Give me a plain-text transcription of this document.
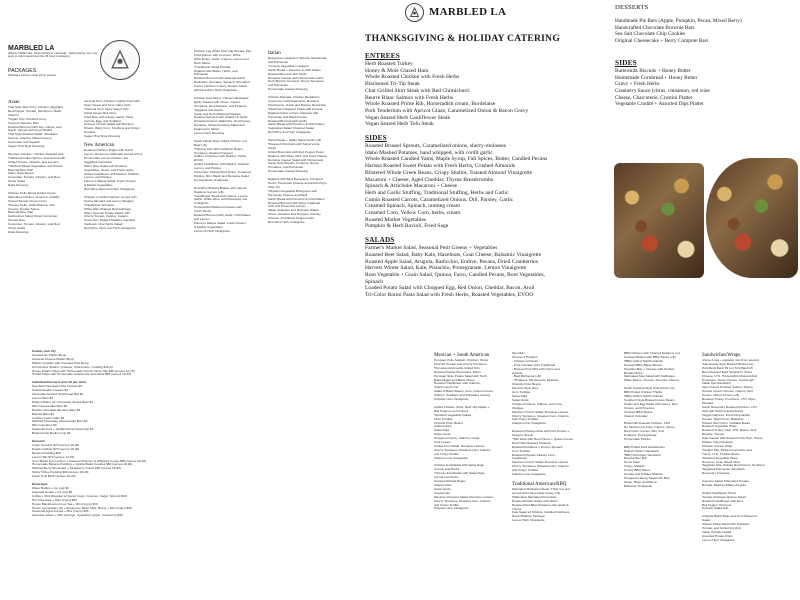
MARBLED LA
MARBLED LA
[Minimum $300 order. Send inquiries to: catering@ · Delivery/setup, fees may apply to orders placed less than 48 hours in advance]
PACKAGES
[Packages minimum order 15 per person]
Asian
Thai Style Red Curry Chicken, Eggplant,
Red Pepper, Tomato, Mushroom, Basil,
Cilantro
*Vegan Tofu Thai Red Curry
Coconut Jasmine Rice
Roasted Broccoli with Soy, Ginger, and
Garlic, topped with Fried Shallot
Thai Style Rotated Salad: Shredded
Carrots, Cilantro, Mixed Greens,
Cucumber and Squash
Vegan Thai Style Dressing

Tandoori Chicken: Chicken Roasted with
Traditional Indian Spices, and served with
Grilled Onions, Cilantro, and Lemons
*Tandoori Mixed Vegetables and Paneer
Basmati Rice Pilaf
Warm Naan Bread
Cucumber, Tomato, Cilantro, and Red
Onion Salad
Raita Dressing

Chicken Pollo Mixed Grilled Yogurt
Marinated Chicken, served in a Mildly
Spiced Tomato Cream Curry
*Paneer Pollo: Grilled Paneer with
Creamy Tomato Sauce
Basmati Rice Pilaf
Kachumbar Salad: Diced Cucumber,
Tomato Rice
Cucumber, Tomato, Cilantro, and Red
Onion Salad
Raita Dressing
General Tso's Chicken: Lightly Fried with
Spicy Sweet and Sour Glaze (GF)
*General Tso's Spicy Sweet Tofu
Garlic Ginger Bok Choy
Fried Rice with Ginger, Garlic, Peas,
Carrots, Egg, and Scallions
Chinese Crunch Salad with Bamboo
Shoots, Baby Corn, Scallions and Crispy
Noodles
Vegan Thai Style Dressing
New American
Roasted Chicken Thighs with Garlic,
Lemon, Rosemary Marinade served with a
Homemade Lemon Chicken Jus
*Eggplant Caponata
Warm Rice Salad with Roasted
Vegetables, Herbs, and Fresh herbs
Grilled Cauliflower with Raisins, Dukkah,
Lemon, and Parsley
Farmer's Market Salad: Fresh Greens
& Market Vegetables
Red Wine Dijon and Herb Vinaigrette

Chicken or Grilled Salmon served with
Grainy Mustard and Lemon Wedges
*Cauliflower Schnitzel
White Wine Braised Red Cabbage
Warm German Potato Salad, with
Cherry Tomato, Parsley, Capers,
Cucumber, Pickled Shallots, Candied
Cashews, Fine Herbs Salad
Red Wine, Dijon and Herb Vinaigrette
Chicken Leg White Fish (+$) Piccata: Pan
Fried Wiener with a Lemon, White
Wine Butter, Garlic, Capers, Lemon and
Herb Sauce
*Cauliflower Steak Piccata
Rigatoni with Butter, Herbs, and
Parmesan
Roasted Broccoli with Roasted Garlic,
Radicchio, Romaine, Spinach, Shredded
Carrot, Heirloom Cherry Tomato Salad,
with Red Wine Herb Vinaigrette

Chicken Cacciatore: Chicken Marinated
lightly braised with Onion, Capers,
Tomatoes, Red Peppers, and Peppers
*Eggplant Cacciatore
Garlic and Herb Mashed Potatoes
Roasted Spinach with Shallots & Garlic
Shredded Carrot, Radicchio, Red Pepper,
Romaine, Shaved Iceberg Salad and
Peppercorn Salad
Lemon Herb Dressing

Steak Kebab Style Grilled Chicken (or)
Beef (+$)
*Harissa Tofu with Garbanzo Beans,
Tomatoes, Roasted Peppers
Saffron Couscous with Raisins, Herbs,
EVOO
Grilled Cauliflower with Raisins, Dukkah,
Lemon, and Parsley
Cucumber, Shaved Red Onion, Tomatoes,
Parsley, Mint, Basil, and Romaine Salad
Pomegranate Vinaigrette

Red Wine Braised Brisket with Glazed
Rainbow Carrots (+$)
*Cauliflower Steak with Capers, Lemon,
Garlic, White Wine, and Rosemary Jus
Vinaigrette
Horseradish Mashed Potatoes with
Fresh Herbs
Roasted Broccoli with Garlic, Chili Flakes,
and Lemon
Farmer's Market Salad: Fresh Greens
& Market Vegetables
Lemon & Herb Vinaigrette
Italian
Bolognese Lasagna or Ricotta, Mozzarella
and Parmesan
*Creamy Vegetarian Lasagna
Garlic Bread + Pecorino & Chili Flakes
Roasted Broccoli with Garlic
Romaine Caesar with Homemade Garlic
Herb Brioche Croutons, Roma Tomatoes,
and Parmesan
Homemade Caesar Dressing

Chicken Marsala: Chicken Medallions
Covered in a Marsala Wine, Roasted
Mushrooms, Garlic and Parsley Reduction
*Mushroom Rigatoni Pasta with Fontina,
Rigatoni Cacio e Pepe: Rigatoni with
Parmesan and Black Pepper
Roasted Broccoli with Garlic
Garlic Bread with Pecorino & Chili Flakes
Vegetarian Italian Chopped Salad
Red Wine and Herb Vinaigrette

Sliced Steak + Italian Salsa Verde (+$)
*Roasted Portobello with Salsa Verde
Steak
Grilled Broccolini with Red Pepper Pesto
Rigatoni with Peas, Mint, and Goat Cheese
Romaine Caesar Salad with Homemade
Garlic Herb Brioche Croutons, Roma
Tomatoes, and Parmesan
Homemade Caesar Dressing

Rigatoni with Beef Bolognese, Chopped
Herbs, Parmesan Cheese and Extra Virgin
Olive Oil
*Rigatoni Vegetable Bolognese with
Parmesan Cheese and Basil
Garlic Bread with Pecorino & Chili Flakes
Roasted Broccoli with Spicy Calabrian
Chili and Preserved Lemon
Italian Antipasto and Romaine Salad:
Olives, Roasted Red Peppers, Parsley
Cheese, and Whole Pepperoncini
Red Wine Herb Vinaigrette
Snacks (min 20)
Guacamole Platter $9 pp
Artisanal Cheese Platter $9 pp
Market Crudités with Assorted Dips $9 pp
All Inclusive Station: (Cheese, Charcuterie, Crudité) $16 pp
House Potato Chips with Homemade French Onion Dip $48 (serves 12-15)
Tortilla Chips with Homemade Guacamole and Salsa $45 (serves 12-15)
Individual Desserts (min 20 per item)
Sea Salt Chocolate Chip Cookies $3
Snickerdoodle Cookies $3
Chocolate Almond Shortbread Bar $3
Lemon Bars $3
Peanut Butter (or) Chocolate Smore Bars $3
Mini Cheesecake Bars $3
Double Chocolate Brownie Bars $3
Blondie Bars $3
Cookie Cream Cake $3
Marbled Chocolate Cheesecake Bars $3
Mini Cupcakes $3
Seasonal Fruit + Vanilla Panna Cotta Cup $4
Butterscotch Budino Cup $4
Desserts
Apple Crumble $70 (serves 18-20)
Peach Cobbler $70 (serves 18-20)
Banana Pudding $70
Lemon Tart $72 (serves 12-15)
Corn Bread Tres Leches + Caramel Popcorn & Whipped Cream $80 (serves 18-20)
Homemade Banana Pudding + Vanilla Wafer Cookies $80 (serves 18-20)
Marbled Berry Shortcake + Strawberry Coulis $80 (serves 18-20)
Sticky Toffee Pudding $80 (serves 18-20)
Fresh Fruit $140 (serves 18-20)
Beverages
Water Bottles + Ice (ea) $2
Assorted Sodas + Ice (ea) $2
Coffee + Mini (Regular or Decaf, Cups, Creamer, Sugar, Stirrers) $30
Hot Chocolate + Mini (Cups) $30
House Black/Lemon Iced Tea + Mini (Cups) $30
House Lemonade (+$) + Rosemary, Basil, Mint, Berry) + Mini (Cups) $30
Seasonal Agua Fresca + Mini (Cups) $35
Assorted Juices + Mini (Orange, Grapefruit, Apple, Cranberry) $35
THANKSGIVING & HOLIDAY CATERING
ENTREES
Herb Roasted Turkey
Honey & Mole Glazed Ham
Whole Roasted Chicken with Fresh Herbs
Blackened Tri-Tip Steak
Char Grilled Skirt Steak with Red Chimichurri
Beurre Blanc Salmon with Fresh Herbs
Whole Roasted Prime Rib, Horseradish cream, Bordelaise
Pork Tenderloin with Apricot Glaze, Caramelized Onion & Bacon Gravy
Vegan Seared Herb Cauliflower Steak
Vegan Seared Herb Tofu Steak
SIDES
Roasted Brussel Sprouts, Caramelized onions, sherry-molasses
Idaho Mashed Potatoes, hand whipped, with confit garlic
Whole Roasted Candied Yams, Maple Syrup, Fall Spices, Butter, Candied Pecans
Harissa Roasted Sweet Potato with Fresh Herbs, Crushed Almonds
Blistered Whole Green Beans, Crispy Shallot, Toasted Almond Vinaigrette
Macaroni + Cheese, Aged Cheddar, Thyme Breadcrumbs
Spinach & Artichoke Macaroni + Cheese
Herb and Garlic Stuffing, Traditional Stuffing, Herbs and Garlic
Cumin Roasted Carrots, Caramelized Onions, Dill, Parsley, Garlic
Creamed Spinach, Spinach, nutmeg cream
Creamed Corn, Yellow Corn, herbs, cream
Roasted Market Vegetables
Pumpkin & Herb Ravioli, Fried Sage
SALADS
Farmer's Market Salad, Seasonal Petit Greens + Vegetables
Roasted Beet Salad, Baby Kale, Hazelnuts, Goat Cheese, Balsamic Vinaigrette
Roasted Apple Salad, Arugula, Radicchio, Endive, Pecans, Dried Cranberries
Harvest Winter Salad, Kale, Pistachio, Pomegranate, Lemon Vinaigrette
Root Vegetable + Grain Salad, Quinoa, Farro, Candied Pecans, Root Vegetables,
Spinach
Loaded Potato Salad with Chopped Egg, Red Onion, Cheddar, Bacon, Aioli
Tri-Color Rotini Pasta Salad with Fresh Herbs, Roasted Vegetables, EVOO
DESSERTS
Handmade Pie Bars (Apple, Pumpkin, Pecan, Mixed Berry)
Handcrafted Chocolate Brownie Bars
Sea Salt Chocolate Chip Cookies
Original Cheesecake + Berry Compote Bars
SIDES
Buttermilk Biscuits + Honey Butter
Homemade Cornbread + Honey Butter
Gravy + Fresh Herbs
Cranberry Sauce (citrus, cinnamon, red wine
Cheese, Charcuterie, Crostini Platter
Vegetable Crudité + Assorted Dips Platter
Mexican + South American
Peruvian Pollo Saltado: Chicken, Onion,
Charred Tomato and Cherry Tomatoes
*Peruvian Aji Amarillo Grilled Tofu
Roasted Potato Huancaina, Warm
Peruvian Style Potato Salad with Herb
Baked Eggs and Black Olives
Roasted Cauliflower with Cilantro,
Cilantro and Lime
Salad of Black Beans, Corn, Queso Fresco,
Cilantro, Scallions and Shredded Iceberg
Chipotle Lime Vinaigrette

Grilled Chicken (Pork, Beef +$) Fajitas +
Bell Peppers and Onions
*Roasted Vegetable Fajitas
Flour Tortillas
Chipotle Pinto Beans
Cilantro Rice
Salsa Roja
Salsa Verde
Chopped Onions, Cilantro, Cotija
Sour Cream
Grilled Corn Salad: Romaine Lettuce,
Cherry Tomatoes, Roasted Corn, Cilantro
and Crispy Tortilla
Cilantro Lime Vinaigrette

Chicken Enchiladas with Salsa Roja,
Crema, and Herbs
*Cheese Enchiladas with Salsa Roja,
Crema and Herbs
Smoked Refried Beans
Cilantro Rice
Salsa Verde
Guacamole
Mexican Chopped Salad: Romaine Lettuce,
Cherry Tomatoes, Roasted Corn, Cilantro
and Crispy Tortilla
Chipotle Lime Vinaigrette
Taco Bar:
Choose 2 Proteins:
- Chicken Al Pastor
- Pork Carnitas (GF) Traditional
- Braised Pork Pibil with Citrus and
Achiote
- Beef Barbacoa (+$)
- *Potatoes, Mushrooms, Epazote
Chipotle Pinto Beans
Mexican Style Rice
Corn Tortillas
Salsa Roja
Salsa Verde
Chopped Onions, Cilantro, and Lime
Wedges
Mexican Crunch Salad: Romaine Lettuce,
Cherry Tomatoes, Roasted Corn, Cilantro
and Crispy Tortillas
Cilantro Lime Vinaigrette

Roasted Chicken Mole with Red Onions +
Sesame Seeds
*Tofu Mole with Red Onions + Queso Fresco
Red Chile Roasted Potatoes
Roasted Poblanos + Onions Spinach
Corn Tortillas
Roasted Chipotle Cilantro Lime
Cauliflower
Mexican Crunch Salad: Romaine Lettuce,
Cherry Tomatoes, Roasted Corn, Cilantro
and Crispy Tortillas
Cilantro Lime Vinaigrette
Traditional American/BBQ
Marinated Marinated Steak: Thick Cut and
served with Homemade Gravy (+$)
*Marinated Marinated Portobello
Roasted Potato Salad with Herbs
Roasted Red Bliss Potatoes with Garlic &
Thyme
Kale Salad w/ Tahinsa, Candied Cashews,
Dried Shallots, Tarragon
Lemon Herb Vinaigrette
BBQ Chicken with Charred Scallions (or)
Smoked Brisket with BBQ Sauce (+$)
*BBQ Grilled Tofu/Portobello
Smoked BBQ Baked Beans
Cheddar Mac + Cheese with Herbed
Breadcrumbs
Marinated Kale Salad with Cabbages,
White Beans, Cheese, Pecorino Cheese

South Carolina Style Pulled Pork (or)
BBQ Pulled Chicken Thighs
*BBQ Grilled Tofu/Portobello
Southern Style Braised Green Beans
Potato and Egg Salad with Celery, Red
Onions, and Pimentos
Smoked BBQ Beans
Classic Coleslaw

Buttermilk Roasted Chicken: 12/0
No Mushrooms Fries, Capers, Olives,
Red Onion, Lemon (GF) Vnd
Potatoes, Pomegranate
Homemade Pickles

BBQ Pulled Pork Sandwiches
Pulled Chicken Sandwich
*BBQ Portobello Sandwich
Brioche Bun Bun
Texas Slaw
Crispy Shallots
Smoky BBQ Sauce
Tomato and Pickled Shallots
Chopped Iceberg Salad with Red
Onion, Basil, and Bacon
Balsamic Vinaigrette
Sandwiches/Wraps
(choose 3 meat + vegetarian, max 30 per selection)
Vietnamese Style Braised Brisket (or)
Pork Belly Banh Mi (or) Tofu Banh Mi
Barn Roasted Beef Sandwich, Swiss
Cheese, LTO, Horseradish Mustard Aioli
Prosciutto, Swiss Cheese, Sourdough
Italian Deli Sandwich
Open Faced Smoked Salmon Tartine,
Herbed Cream Cheese, Capers, Red
Onions, Mixed Greens (+$)
Roasted Turkey, Provolone, LTO, Dijon
Mustard
Garlic Rosemary Roasted Chicken, LTO
Aioli with Soft Focaccia Bread
Veggie Caprese, Fresh Mozzarella,
Tomato, Basil Pesto, Balsamic
Pickled Red Onion, Ciabatta Bread
Roasted Vegetable Wrap
Roasted Turkey Club, LTO, Bacon, Aioli
Brioche, Tomato
Kale Caesar with Roasted Pork Ham, Swiss,
Pickles, Dijon Mustard
Chicken Caesar Wrap
*Delight Pita, Pickled Cucumber and
Turnip, LTO, Tzatziki Sauce
*Roasted Vegetable Wrap
Hummus, Feta, Mixed Olive
*Egyptian Pita, Pickled Red Onions, Sundried
*Eggplant Parmesan Sandwich
Rosemary Focaccia

Caprese Salad, Marinated Tomato,
Burrata, Basil and Baby Arugula

Grilled Cauliflower Tacos
Tomato Chickpea Quinoa Salad
Roasted Cauliflower with Red
Bell Pepper Hummus
Spinach Salad with

Chipotle Black Bean and Corn Macaroni
Salad
Classic Pasta Salad with Sundried
Tomato, and Grilled Zucchini
Italian Tortellini Salad
Assorted Potato Chips
Lemon Herb Vinaigrette
